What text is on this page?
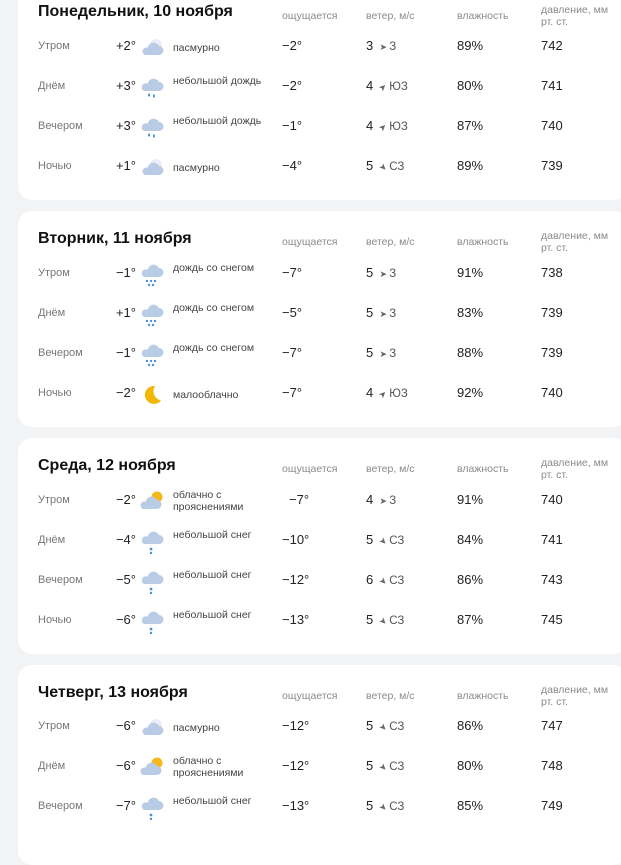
Понедельник, 10 ноября	ощущается	ветер, м/с	влажность	давление, мм рт. ст.
Утром	+2°	пасмурно	−2°	3 ➤ З	89%	742
Днём	+3°	небольшой дождь −2°	4 ➤ЮЗ	80%	741
Вечером	+3°	небольшой дождь −1°	4 ➤ЮЗ	87%	740
Ночью	+1°	пасмурно	−4°	5 ➤СЗ	89%	739
Вторник, 11 ноября	ощущается	ветер, м/с	влажность	давление, мм рт. ст.
Утром	−1°	дождь со снегом	−7°	5 ➤ З	91%	738
Днём	+1°	дождь со снегом	−5°	5 ➤ З	83%	739
Вечером	−1°	дождь со снегом	−7°	5 ➤ З	88%	739
Ночью	−2°	малооблачно	−7°	4 ➤ЮЗ	92%	740
Среда, 12 ноября	ощущается	ветер, м/с	влажность	давление, мм рт. ст.
Утром	−2°	облачно с прояснениями	−7°	4 ➤ З	91%	740
Днём	−4°	небольшой снег	−10°	5 ➤СЗ	84%	741
Вечером	−5°	небольшой снег	−12°	6 ➤СЗ	86%	743
Ночью	−6°	небольшой снег	−13°	5 ➤СЗ	87%	745
Четверг, 13 ноября	ощущается	ветер, м/с	влажность	давление, мм рт. ст.
Утром	−6°	пасмурно	−12°	5 ➤СЗ	86%	747
Днём	−6°	облачно с прояснениями	−12°	5 ➤СЗ	80%	748
Вечером	−7°	небольшой снег	−13°	5 ➤СЗ	85%	749
